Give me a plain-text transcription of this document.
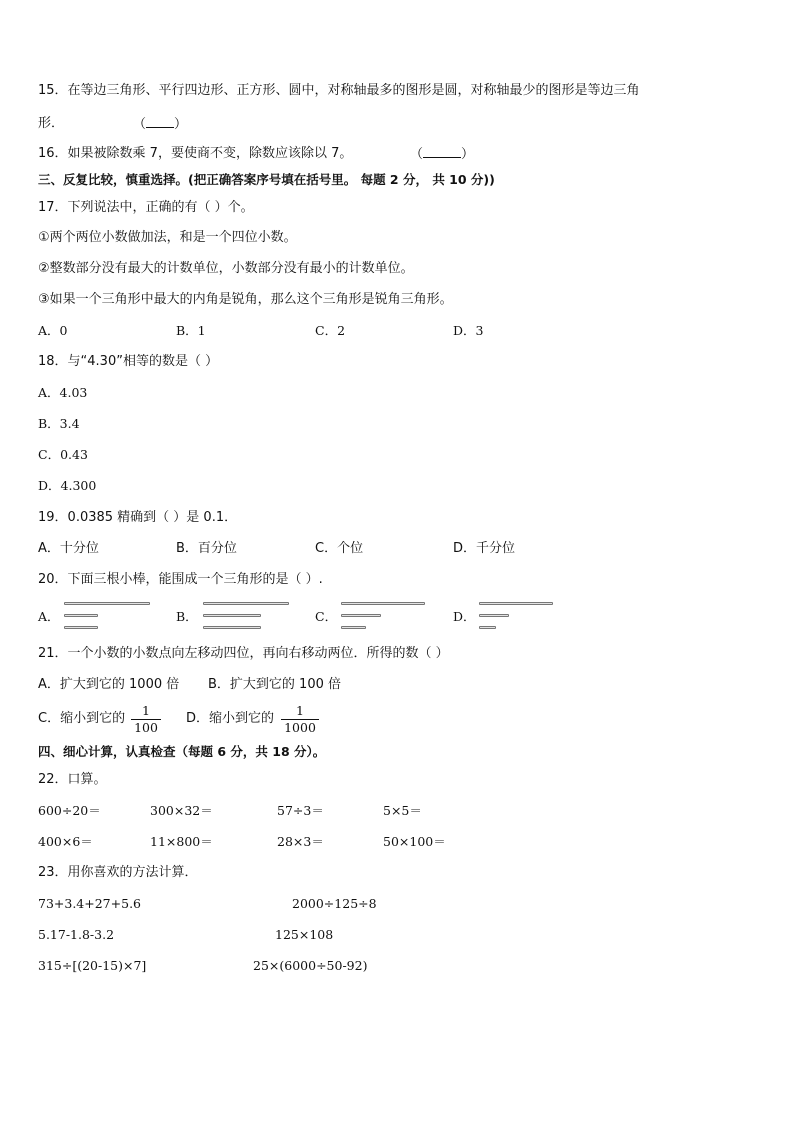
15．在等边三角形、平行四边形、正方形、圆中，对称轴最多的图形是圆，对称轴最少的图形是等边三角
形．	（ ）
16．如果被除数乘 7，要使商不变，除数应该除以 7。	（	）
三、反复比较，慎重选择。(把正确答案序号填在括号里。 每题 2 分， 共 10 分))
17．下列说法中，正确的有（ ）个。
①两个两位小数做加法，和是一个四位小数。
②整数部分没有最大的计数单位，小数部分没有最小的计数单位。
③如果一个三角形中最大的内角是锐角，那么这个三角形是锐角三角形。
A．0	B．1	C．2	D．3
18．与“4.30”相等的数是（ ）
A．4.03
B．3.4
C．0.43
D．4.300
19．0.0385 精确到（ ）是 0.1．
A．十分位	B．百分位	C．个位	D．千分位
20．下面三根小棒，能围成一个三角形的是（ ）.
A．	B．	C．	D．
21．一个小数的小数点向左移动四位，再向右移动两位．所得的数（ ）
A．扩大到它的 1000 倍 B．扩大到它的 100 倍
C．缩小到它的 $\frac{1}{100}$ D．缩小到它的 $\frac{1}{1000}$
四、细心计算，认真检查（每题 6 分，共 18 分）。
22．口算。
600÷20＝	300×32＝	57÷3＝	5×5＝
400×6＝	11×800＝	28×3＝	50×100＝
23．用你喜欢的方法计算．
73+3.4+27+5.6	2000÷125÷8
5.17-1.8-3.2	125×108
315÷[(20-15)×7]	25×(6000÷50-92)
